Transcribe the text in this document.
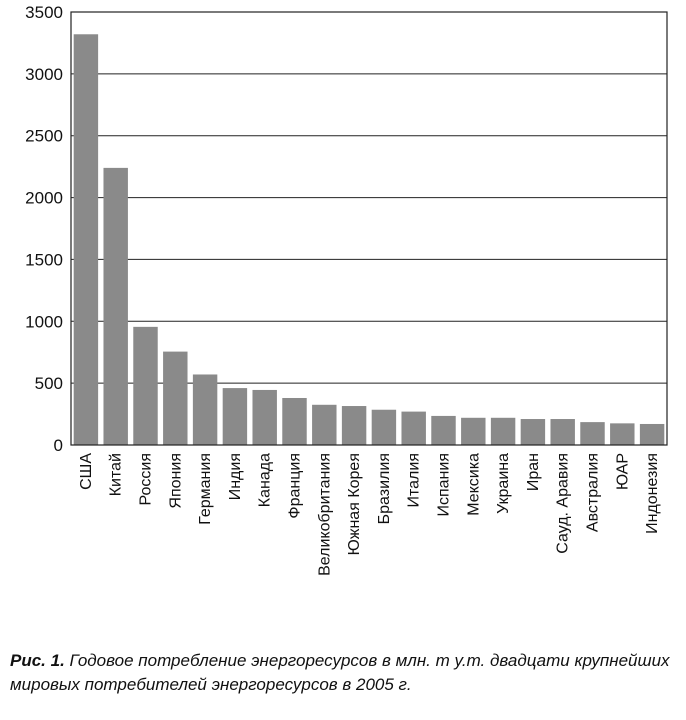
0
500
1000
1500
2000
2500
3000
3500
США Китай Россия Япония Германия Индия Канада Франция Великобритания Южная Корея Бразилия Италия Испания Мексика Украина Иран Сауд. Аравия Австралия ЮАР Индонезия
Рис. 1. Годовое потребление энергоресурсов в млн. т у.т. двадцати крупнейших мировых потребителей энергоресурсов в 2005 г.
